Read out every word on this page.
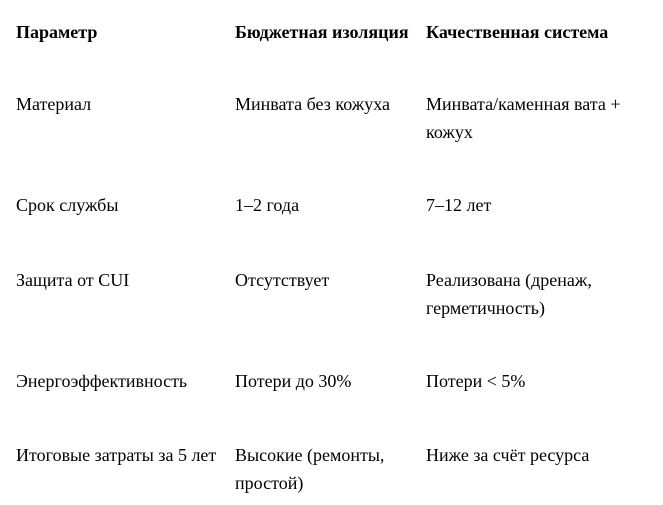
Параметр	Бюджетная изоляция	Качественная система
Материал	Минвата без кожуха	Минвата/каменная вата + кожух
Срок службы	1–2 года	7–12 лет
Защита от CUI	Отсутствует	Реализована (дренаж, герметичность)
Энергоэффективность	Потери до 30%	Потери < 5%
Итоговые затраты за 5 лет	Высокие (ремонты, простой)	Ниже за счёт ресурса
